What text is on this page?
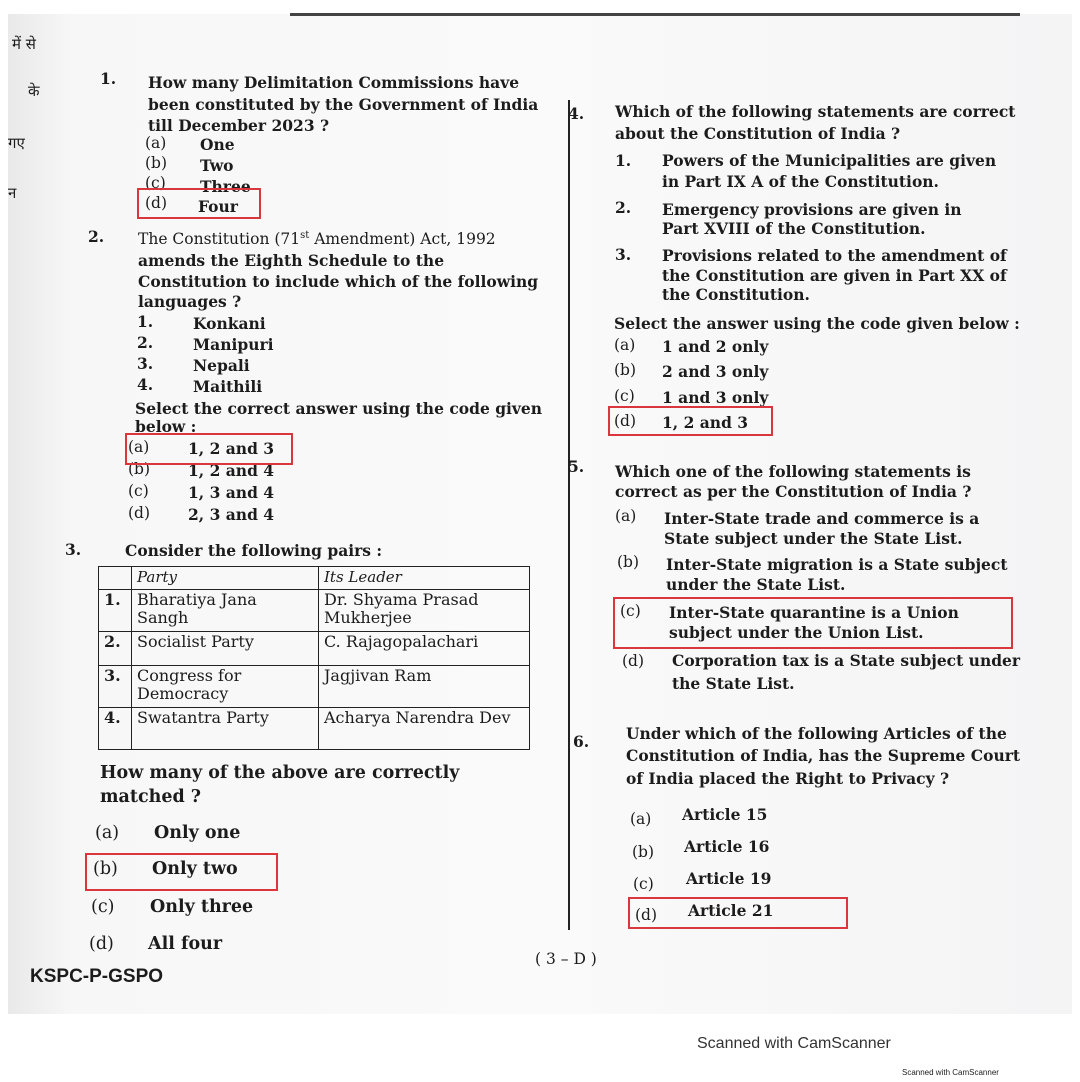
में से
के
गए
न
1. How many Delimitation Commissions have
been constituted by the Government of India
till December 2023 ?
(a) One
(b) Two
(c) Three
(d) Four
2.
amends the Eighth Schedule to the
Constitution to include which of the following
languages ?
1.	Konkani
2.	Manipuri
3.	Nepali
4.	Maithili
Select the correct answer using the code given
below :
(a) 1, 2 and 3
(b) 1, 2 and 4
(c)	1, 3 and 4
(d) 2, 3 and 4
3.	Consider the following pairs :
How many of the above are correctly
matched ?
(a) Only one
(b) Only two
(c) Only three
(d) All four
4. Which of the following statements are correct
about the Constitution of India ?
1. Powers of the Municipalities are given
in Part IX A of the Constitution.
2. Emergency provisions are given in
Part XVIII of the Constitution.
3. Provisions related to the amendment of
the Constitution are given in Part XX of
the Constitution.
Select the answer using the code given below :
(a) 1 and 2 only
(b) 2 and 3 only
(c) 1 and 3 only
(d) 1, 2 and 3
5. Which one of the following statements is
correct as per the Constitution of India ?
(a) Inter-State trade and commerce is a
State subject under the State List.
(b) Inter-State migration is a State subject
under the State List.
(c) Inter-State quarantine is a Union
subject under the Union List.
(d) Corporation tax is a State subject under
the State List.
6. Under which of the following Articles of the
Constitution of India, has the Supreme Court
of India placed the Right to Privacy ?
(a) Article 15
(b) Article 16
(c) Article 19
(d) Article 21
KSPC-P-GSPO
( 3 – D )
Scanned with CamScanner
Scanned with CamScanner
	Party	Its Leader
1.	Bharatiya Jana Sangh	Dr. Shyama Prasad Mukherjee
2.	Socialist Party	C. Rajagopalachari
3.	Congress for Democracy	Jagjivan Ram
4.	Swatantra Party	Acharya Narendra Dev
The Constitution (71st Amendment) Act, 1992
